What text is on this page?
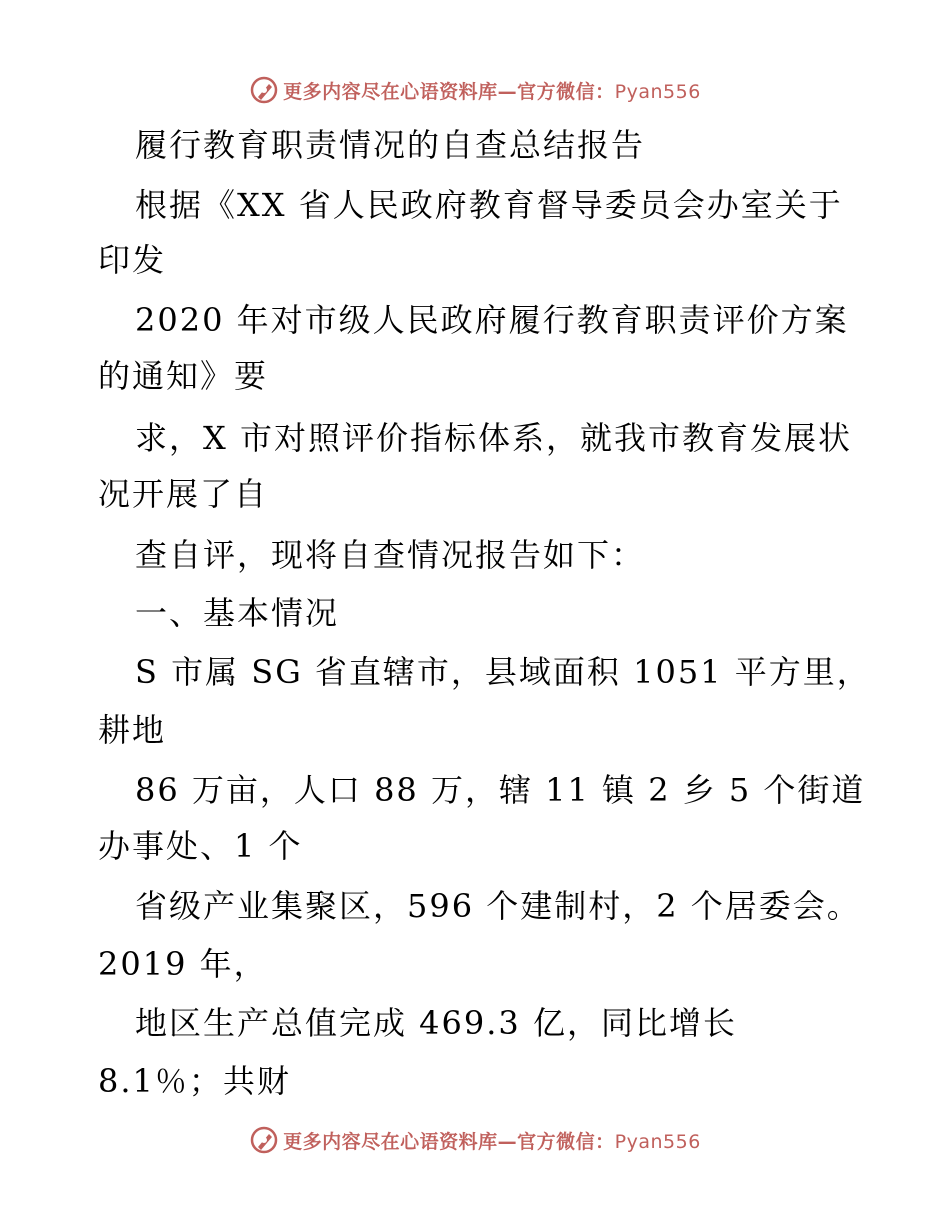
更多内容尽在心语资料库—官方微信：Pyan556
履行教育职责情况的自查总结报告
根据《XX 省人民政府教育督导委员会办室关于
印发
2020 年对市级人民政府履行教育职责评价方案
的通知》要
求，X 市对照评价指标体系，就我市教育发展状
况开展了自
查自评，现将自查情况报告如下：
一、基本情况
S 市属 SG 省直辖市，县域面积 1051 平方里，
耕地
86 万亩，人口 88 万，辖 11 镇 2 乡 5 个街道
办事处、1 个
省级产业集聚区，596 个建制村，2 个居委会。
2019 年，
地区生产总值完成 469.3 亿，同比增长
8.1％；共财
更多内容尽在心语资料库—官方微信：Pyan556
